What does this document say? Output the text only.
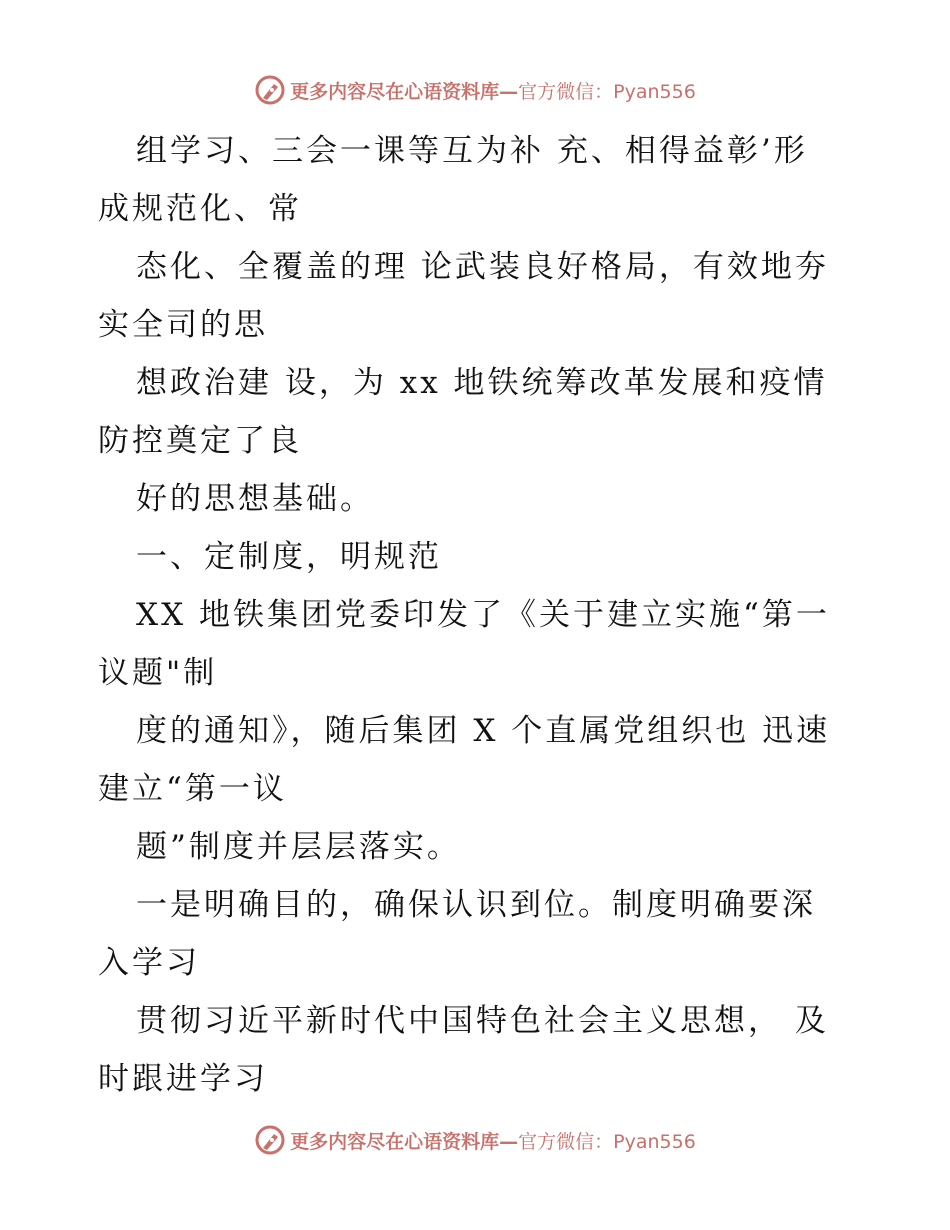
更多内容尽在心语资料库— 官方微信：Pyan556
组学习、三会一课等互为补 充、相得益彰’形
成规范化、常
态化、全覆盖的理 论武装良好格局，有效地夯
实全司的思
想政治建 设，为 xx 地铁统筹改革发展和疫情
防控奠定了良
好的思想基础。
一、定制度，明规范
XX 地铁集团党委印发了《关于建立实施“第一
议题"制
度的通知》，随后集团 X 个直属党组织也 迅速
建立“第一议
题”制度并层层落实。
一是明确目的，确保认识到位。制度明确要深
入学习
贯彻习近平新时代中国特色社会主义思想， 及
时跟进学习
更多内容尽在心语资料库— 官方微信：Pyan556
